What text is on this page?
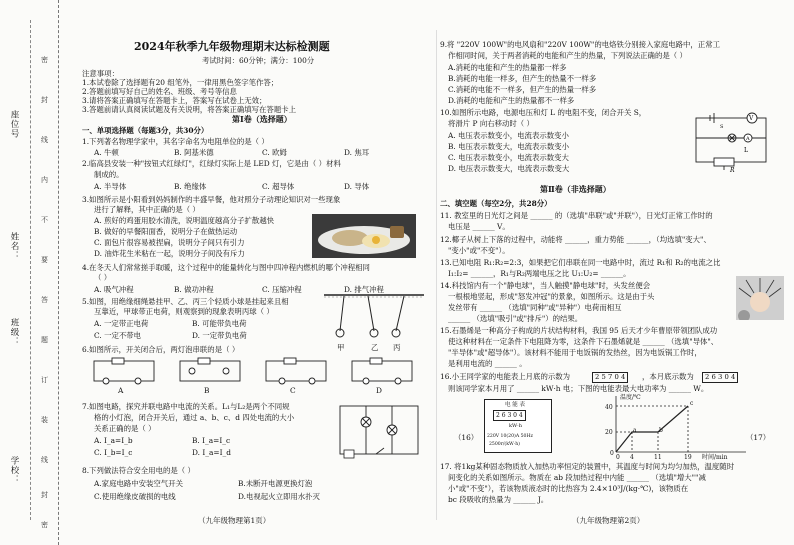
座位号
姓名：
班级：
学校：
密
封
线
内
不
要
答
题
订
装
线
封
密
2024年秋季九年级物理期末达标检测题
考试时间：60分钟；满分：100分
注意事项：
1.本试卷除了选择题有20 组笔外，一律用黑色签字笔作答；
2.答题前填写好自己的姓名、班级、考号等信息
3.请将答案正确填写在答题卡上，答案写在试卷上无效；
3.答题前请认真阅读试题及有关说明，将答案正确填写在答题卡上
第Ⅰ卷（选择题）
一、单项选择题（每题3分，共30分）
1.下列著名物理学家中，其名字命名为电阻单位的是（ ）
A. 牛顿	B. 阿基米德	C. 欧姆	D. 焦耳
2.临高县安装一种"按钮式红绿灯"，红绿灯实际上是 LED 灯，它是由（ ）材料
制成的。
A. 半导体	B. 绝缘体	C. 超导体	D. 导体
3.如图所示是小阳看到妈妈制作的丰盛早餐，他对照分子动理论知识对一些现象
进行了解释，其中正确的是（ ）
A. 煎好的鸡蛋用胶水清洗，说明温度越高分子扩散越快
B. 做好的早餐阳面香，说明分子在做热运动
C. 面包片很容易被捏扁，说明分子间只有引力
D. 油炸花生米粘在一起，说明分子间没有斥力
4.在冬天人们常常搓手取暖，这个过程中的能量转化与图中四冲程内燃机的哪个冲程相同
（ ）
A. 吸气冲程	B. 做功冲程	C. 压缩冲程	D. 排气冲程
5.如图，用绝缘细绳悬挂甲、乙、丙三个轻质小球是挂起来且相
互靠近，甲球带正电荷，则观察到的现象表明丙球（ ）
A. 一定带正电荷	B. 可能带负电荷
C. 一定不带电	D. 一定带负电荷
甲	乙 丙
6.如图所示，开关闭合后，两灯泡串联的是（ ）
A	B	C	D
7.如图电路，探究并联电路中电流的关系。L₁与L₂是两个不同规
格的小灯泡，闭合开关后，通过 a、b、c、d 四处电流的大小
关系正确的是（ ）
A. I_a=I_b	B. I_a=I_c
C. I_b=I_c	D. I_a=I_d
8.下列做法符合安全用电的是（ ）
A.家庭电路中安装空气开关	B.未断开电源更换灯泡
C.使用绝缘皮破损的电线	D.电视起火立即用水扑灭
（九年级物理第1页）
9.将 "220V 100W"的电风扇和"220V 100W"的电烙铁分别接入家庭电路中，正常工
作相同时间，关于两者消耗的电能和产生的热量，下列说法正确的是（ ）
A.消耗的电能和产生的热量都一样多
B.消耗的电能一样多，但产生的热量不一样多
C.消耗的电能不一样多，但产生的热量一样多
D.消耗的电能和产生的热量都不一样多
10.如图所示电路，电源电压和灯 L 的电阻不变，闭合开关 S，
将滑片 P 向右移动时（ ）
A. 电压表示数变小，电流表示数变小
B. 电压表示数变大，电流表示数变小
C. 电压表示数变小，电流表示数变大
D. 电压表示数变大，电流表示数变大
V
A
S
L
R
第Ⅱ卷（非选择题）
二、填空题（每空2分，共28分）
11. 教室里的日光灯之间是 ______ 的（选填"串联"或"并联"），日光灯正常工作时的
电压是 ______ V。
12.椰子从树上下落的过程中，动能将 ______，重力势能 ______，（均选填"变大"、
"变小"或"不变"）。
13.已知电阻 R₁:R₂=2:3，如果把它们串联在同一电路中时，流过 R₁和 R₂的电流之比
I₁:I₂= ______，R₁与R₂两端电压之比 U₁:U₂= ______。
14.科技馆内有一个"静电球"，当人触摸"静电球"时，头发丝便会
一根根地竖起，形成"怒发冲冠"的景象，如图所示。这是由于头
发丝带有 ______ （选填"同种"或"异种"）电荷而相互
______ （选填"吸引"或"排斥"）的结果。
15.石墨烯是一种高分子构成的片状结构材料，我国 95 后天才少年曹原带领团队成功
使这种材料在一定条件下电阻降为零，这条件下石墨烯就是 ______ （选填"导体"、
"半导体"或"超导体"）。该材料不能用于电饭锅的发热丝，因为电饭锅工作时，
是利用电流的 ______ 。
16.小王同学家的电能表上月底的示数为	2 5 7 0 4	，本月底示数为	2 6 3 0 4
则该同学家本月用了 ______ kW·h 电；下图的电能表最大电功率为 ______ W。
电 能 表
2 6 3 0 4
kW·h
220V 10(20)A 50Hz
2500r/(kW·h)
（16）
温度/℃
时间/min
a	b
c
40
20
0
0 4	11	19
（17）
17. 将1kg某种固态物质放入加热功率恒定的装置中，其温度与时间为均匀加热，温度随时
间变化的关系如图所示。物质在 ab 段加热过程中内能 ______ （选填"增大""减
小"或"不变"），若该物质液态时的比热容为 2.4×10³J/(kg·℃)，该物质在
bc 段吸收的热量为 ______ J。
（九年级物理第2页）
